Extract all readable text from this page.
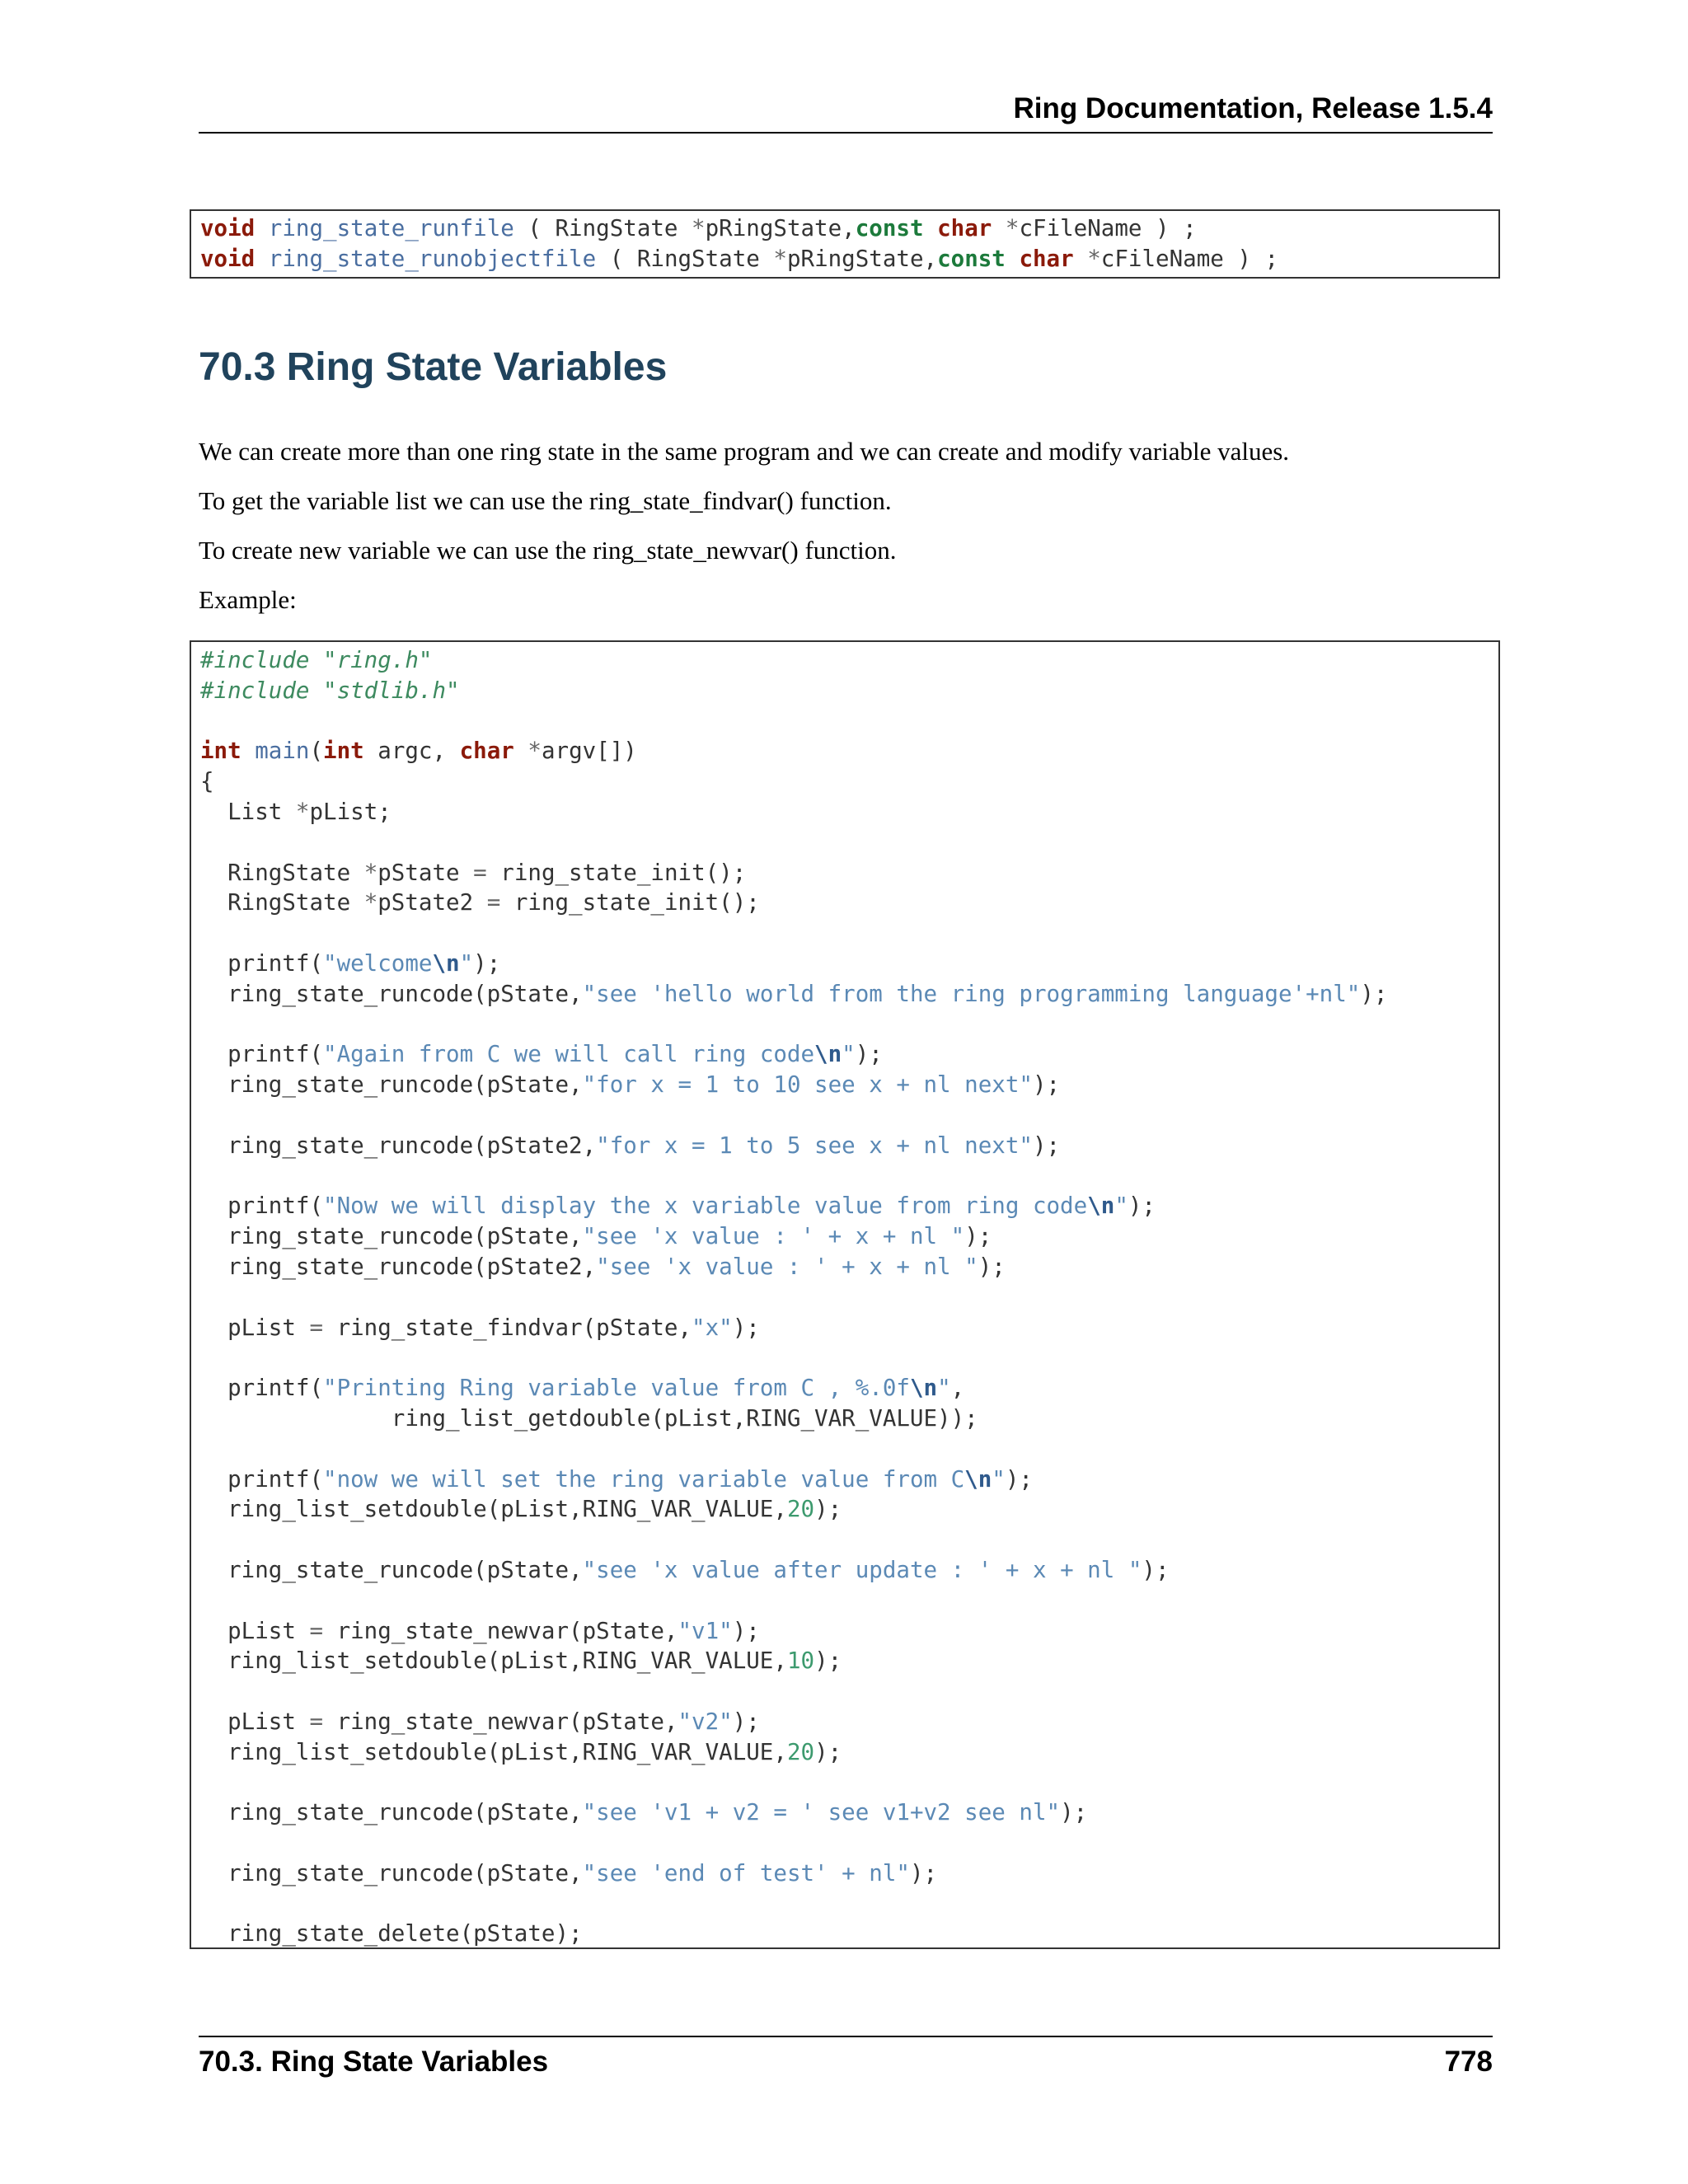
Ring Documentation, Release 1.5.4
void ring_state_runfile ( RingState *pRingState,const char *cFileName ) ;
void ring_state_runobjectfile ( RingState *pRingState,const char *cFileName ) ;
70.3 Ring State Variables

We can create more than one ring state in the same program and we can create and modify variable values.

To get the variable list we can use the ring_state_findvar() function.

To create new variable we can use the ring_state_newvar() function.

Example:

#include "ring.h"
#include "stdlib.h"
int main(int argc, char *argv[])
{
List *pList;
RingState *pState = ring_state_init();
RingState *pState2 = ring_state_init();
printf("welcome\n");
ring_state_runcode(pState,"see 'hello world from the ring programming language'+nl");
printf("Again from C we will call ring code\n");
ring_state_runcode(pState,"for x = 1 to 10 see x + nl next");
ring_state_runcode(pState2,"for x = 1 to 5 see x + nl next");
printf("Now we will display the x variable value from ring code\n");
ring_state_runcode(pState,"see 'x value : ' + x + nl ");
ring_state_runcode(pState2,"see 'x value : ' + x + nl ");
pList = ring_state_findvar(pState,"x");
printf("Printing Ring variable value from C , %.0f\n",
ring_list_getdouble(pList,RING_VAR_VALUE));
printf("now we will set the ring variable value from C\n");
ring_list_setdouble(pList,RING_VAR_VALUE,20);
ring_state_runcode(pState,"see 'x value after update : ' + x + nl ");
pList = ring_state_newvar(pState,"v1");
ring_list_setdouble(pList,RING_VAR_VALUE,10);
pList = ring_state_newvar(pState,"v2");
ring_list_setdouble(pList,RING_VAR_VALUE,20);
ring_state_runcode(pState,"see 'v1 + v2 = ' see v1+v2 see nl");
ring_state_runcode(pState,"see 'end of test' + nl");
ring_state_delete(pState);
70.3. Ring State Variables	778
